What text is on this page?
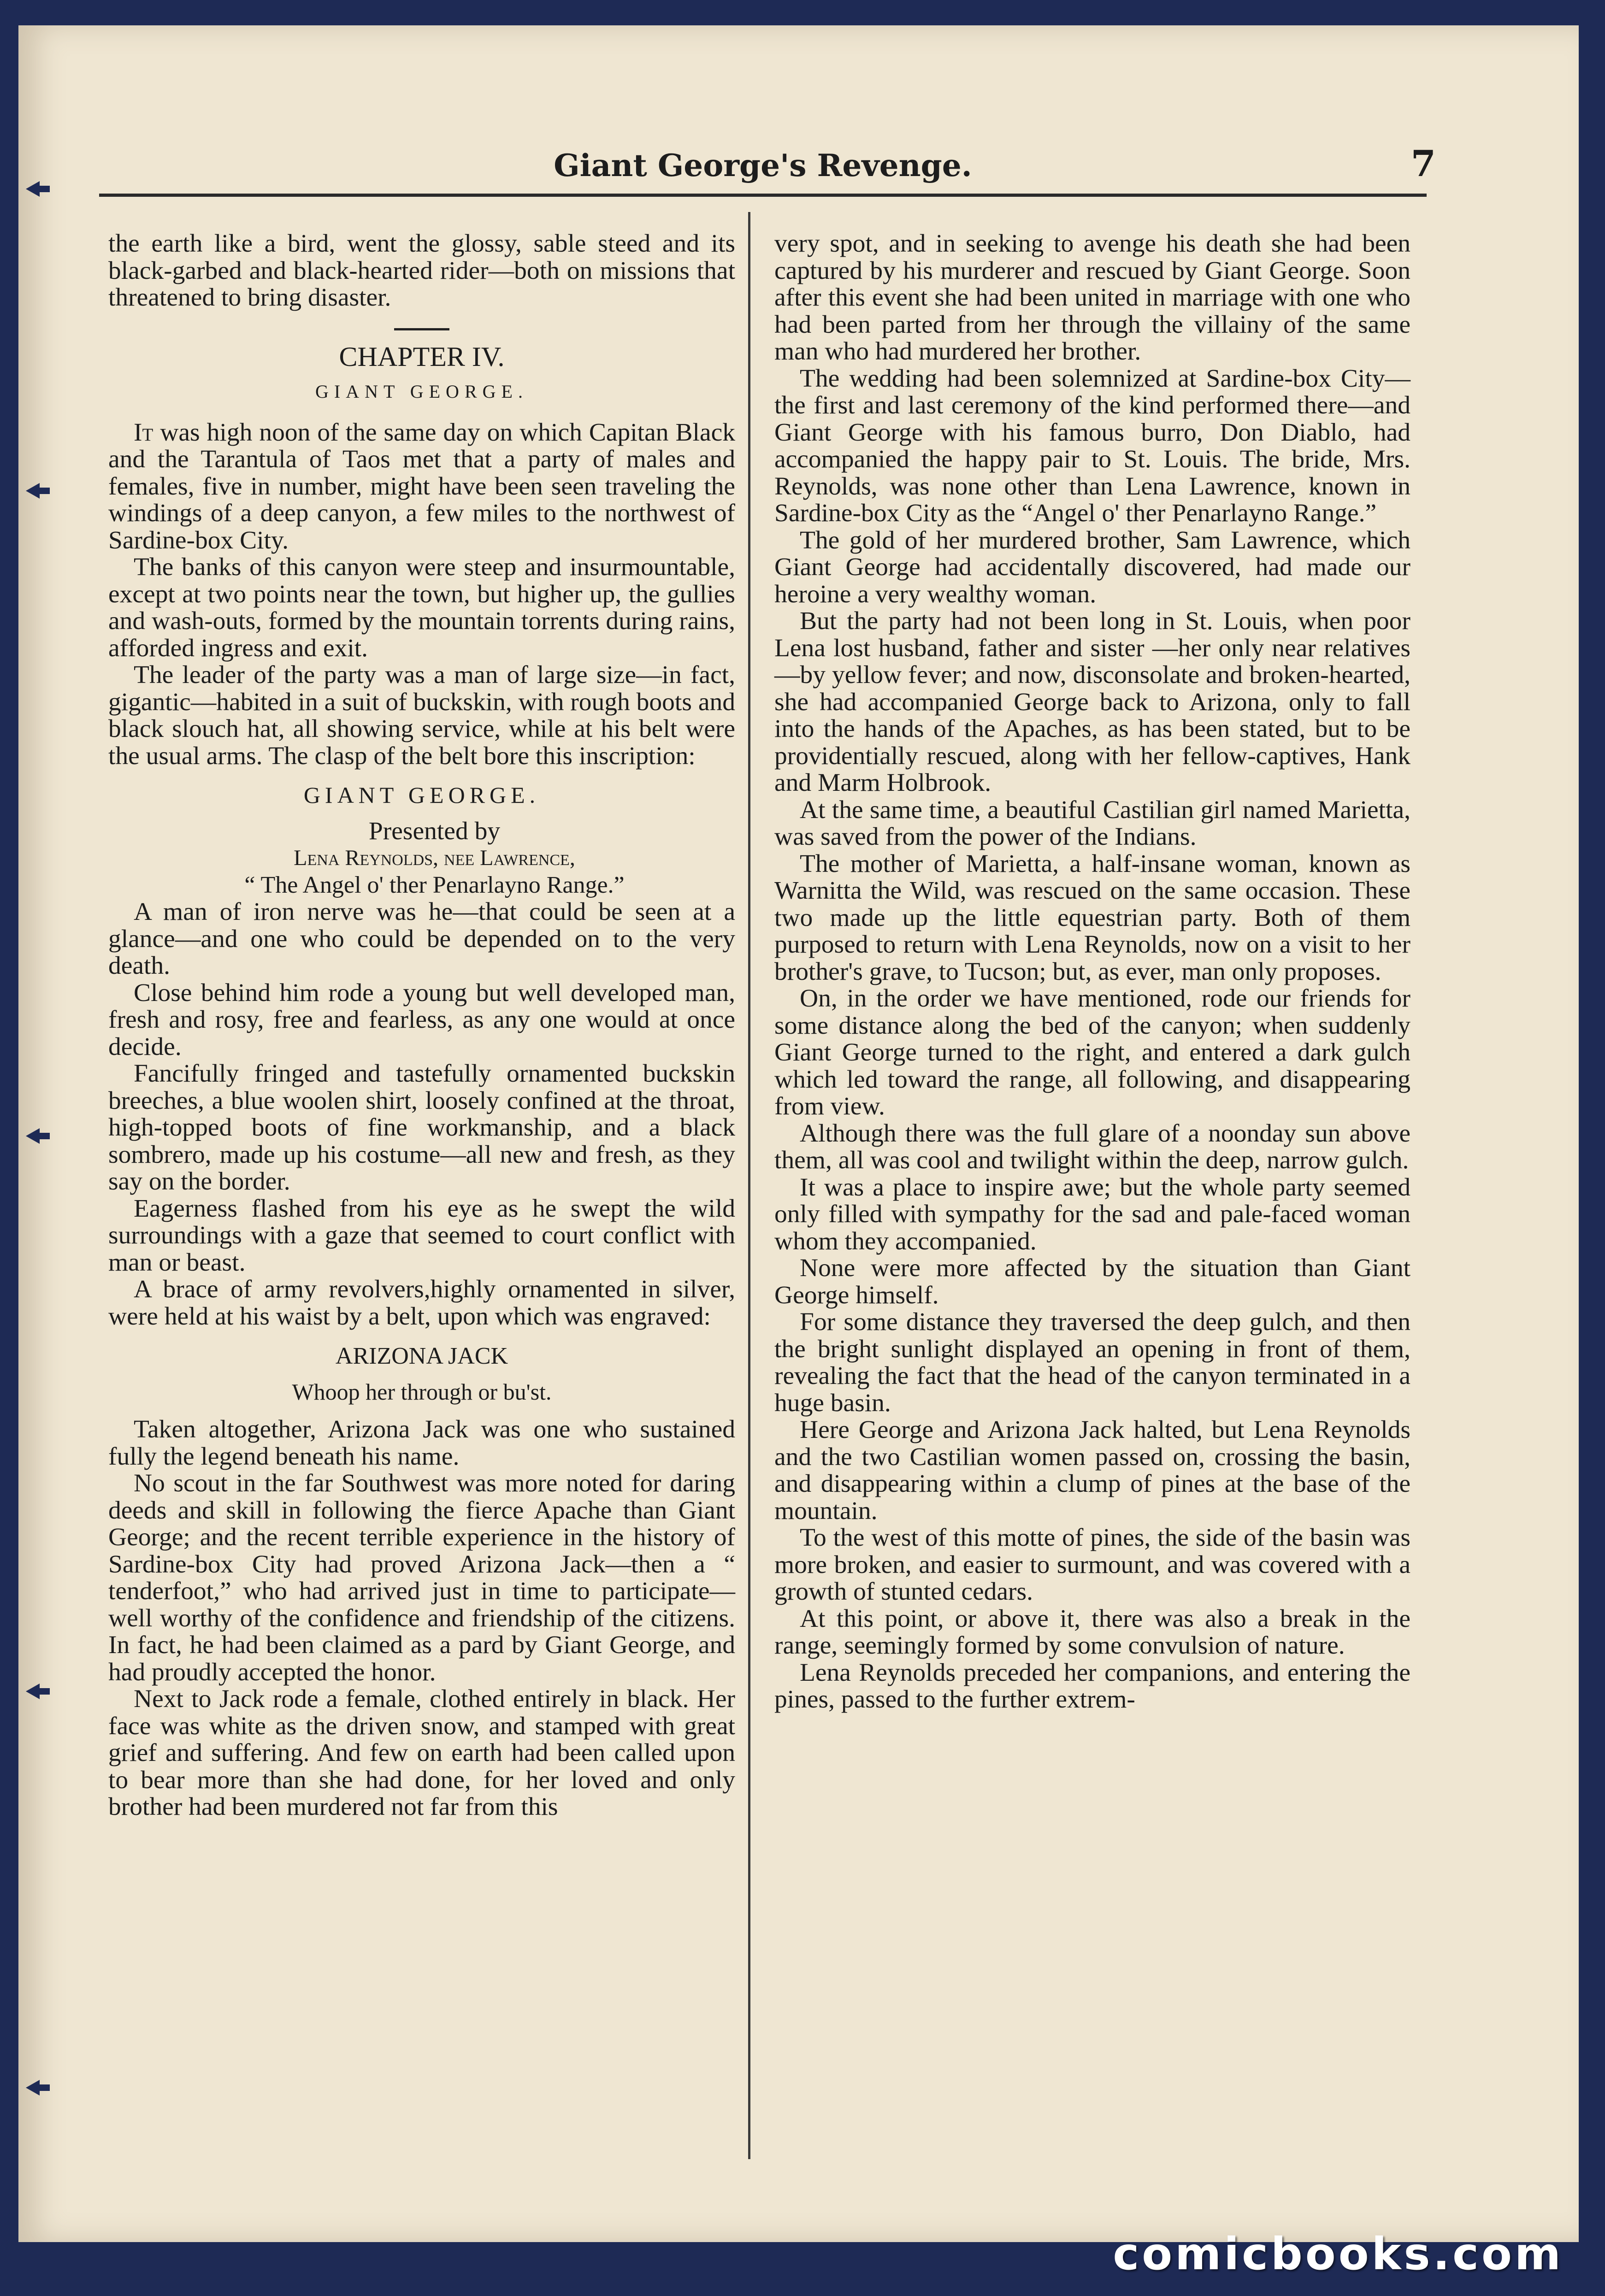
Giant George's Revenge.	7

the earth like a bird, went the glossy, sable steed and its black-garbed and black-hearted rider—both on missions that threatened to bring disaster.

CHAPTER IV.
GIANT GEORGE.

It was high noon of the same day on which Capitan Black and the Tarantula of Taos met that a party of males and females, five in number, might have been seen traveling the windings of a deep canyon, a few miles to the northwest of Sardine-box City.

The banks of this canyon were steep and insurmountable, except at two points near the town, but higher up, the gullies and wash-outs, formed by the mountain torrents during rains, afforded ingress and exit.

The leader of the party was a man of large size—in fact, gigantic—habited in a suit of buckskin, with rough boots and black slouch hat, all showing service, while at his belt were the usual arms. The clasp of the belt bore this inscription:

GIANT GEORGE.

Presented by

Lena Reynolds, nee Lawrence,

“ The Angel o' ther Penarlayno Range.”

A man of iron nerve was he—that could be seen at a glance—and one who could be depended on to the very death.

Close behind him rode a young but well developed man, fresh and rosy, free and fearless, as any one would at once decide.

Fancifully fringed and tastefully ornamented buckskin breeches, a blue woolen shirt, loosely confined at the throat, high-topped boots of fine workmanship, and a black sombrero, made up his costume—all new and fresh, as they say on the border.

Eagerness flashed from his eye as he swept the wild surroundings with a gaze that seemed to court conflict with man or beast.

A brace of army revolvers,highly ornamented in silver, were held at his waist by a belt, upon which was engraved:

ARIZONA JACK
Whoop her through or bu'st.

Taken altogether, Arizona Jack was one who sustained fully the legend beneath his name.

No scout in the far Southwest was more noted for daring deeds and skill in following the fierce Apache than Giant George; and the recent terrible experience in the history of Sardine-box City had proved Arizona Jack—then a “ tenderfoot,” who had arrived just in time to participate—well worthy of the confidence and friendship of the citizens. In fact, he had been claimed as a pard by Giant George, and had proudly accepted the honor.

Next to Jack rode a female, clothed entirely in black. Her face was white as the driven snow, and stamped with great grief and suffering. And few on earth had been called upon to bear more than she had done, for her loved and only brother had been murdered not far from this

very spot, and in seeking to avenge his death she had been captured by his murderer and rescued by Giant George. Soon after this event she had been united in marriage with one who had been parted from her through the villainy of the same man who had murdered her brother.

The wedding had been solemnized at Sardine-box City—the first and last ceremony of the kind performed there—and Giant George with his famous burro, Don Diablo, had accompanied the happy pair to St. Louis. The bride, Mrs. Reynolds, was none other than Lena Lawrence, known in Sardine-box City as the “Angel o' ther Penarlayno Range.”

The gold of her murdered brother, Sam Lawrence, which Giant George had accidentally discovered, had made our heroine a very wealthy woman.

But the party had not been long in St. Louis, when poor Lena lost husband, father and sister —her only near relatives—by yellow fever; and now, disconsolate and broken-hearted, she had accompanied George back to Arizona, only to fall into the hands of the Apaches, as has been stated, but to be providentially rescued, along with her fellow-captives, Hank and Marm Holbrook.

At the same time, a beautiful Castilian girl named Marietta, was saved from the power of the Indians.

The mother of Marietta, a half-insane woman, known as Warnitta the Wild, was rescued on the same occasion. These two made up the little equestrian party. Both of them purposed to return with Lena Reynolds, now on a visit to her brother's grave, to Tucson; but, as ever, man only proposes.

On, in the order we have mentioned, rode our friends for some distance along the bed of the canyon; when suddenly Giant George turned to the right, and entered a dark gulch which led toward the range, all following, and disappearing from view.

Although there was the full glare of a noonday sun above them, all was cool and twilight within the deep, narrow gulch.

It was a place to inspire awe; but the whole party seemed only filled with sympathy for the sad and pale-faced woman whom they accompanied.

None were more affected by the situation than Giant George himself.

For some distance they traversed the deep gulch, and then the bright sunlight displayed an opening in front of them, revealing the fact that the head of the canyon terminated in a huge basin.

Here George and Arizona Jack halted, but Lena Reynolds and the two Castilian women passed on, crossing the basin, and disappearing within a clump of pines at the base of the mountain.

To the west of this motte of pines, the side of the basin was more broken, and easier to surmount, and was covered with a growth of stunted cedars.

At this point, or above it, there was also a break in the range, seemingly formed by some convulsion of nature.

Lena Reynolds preceded her companions, and entering the pines, passed to the further extrem-

comicbooks.com
